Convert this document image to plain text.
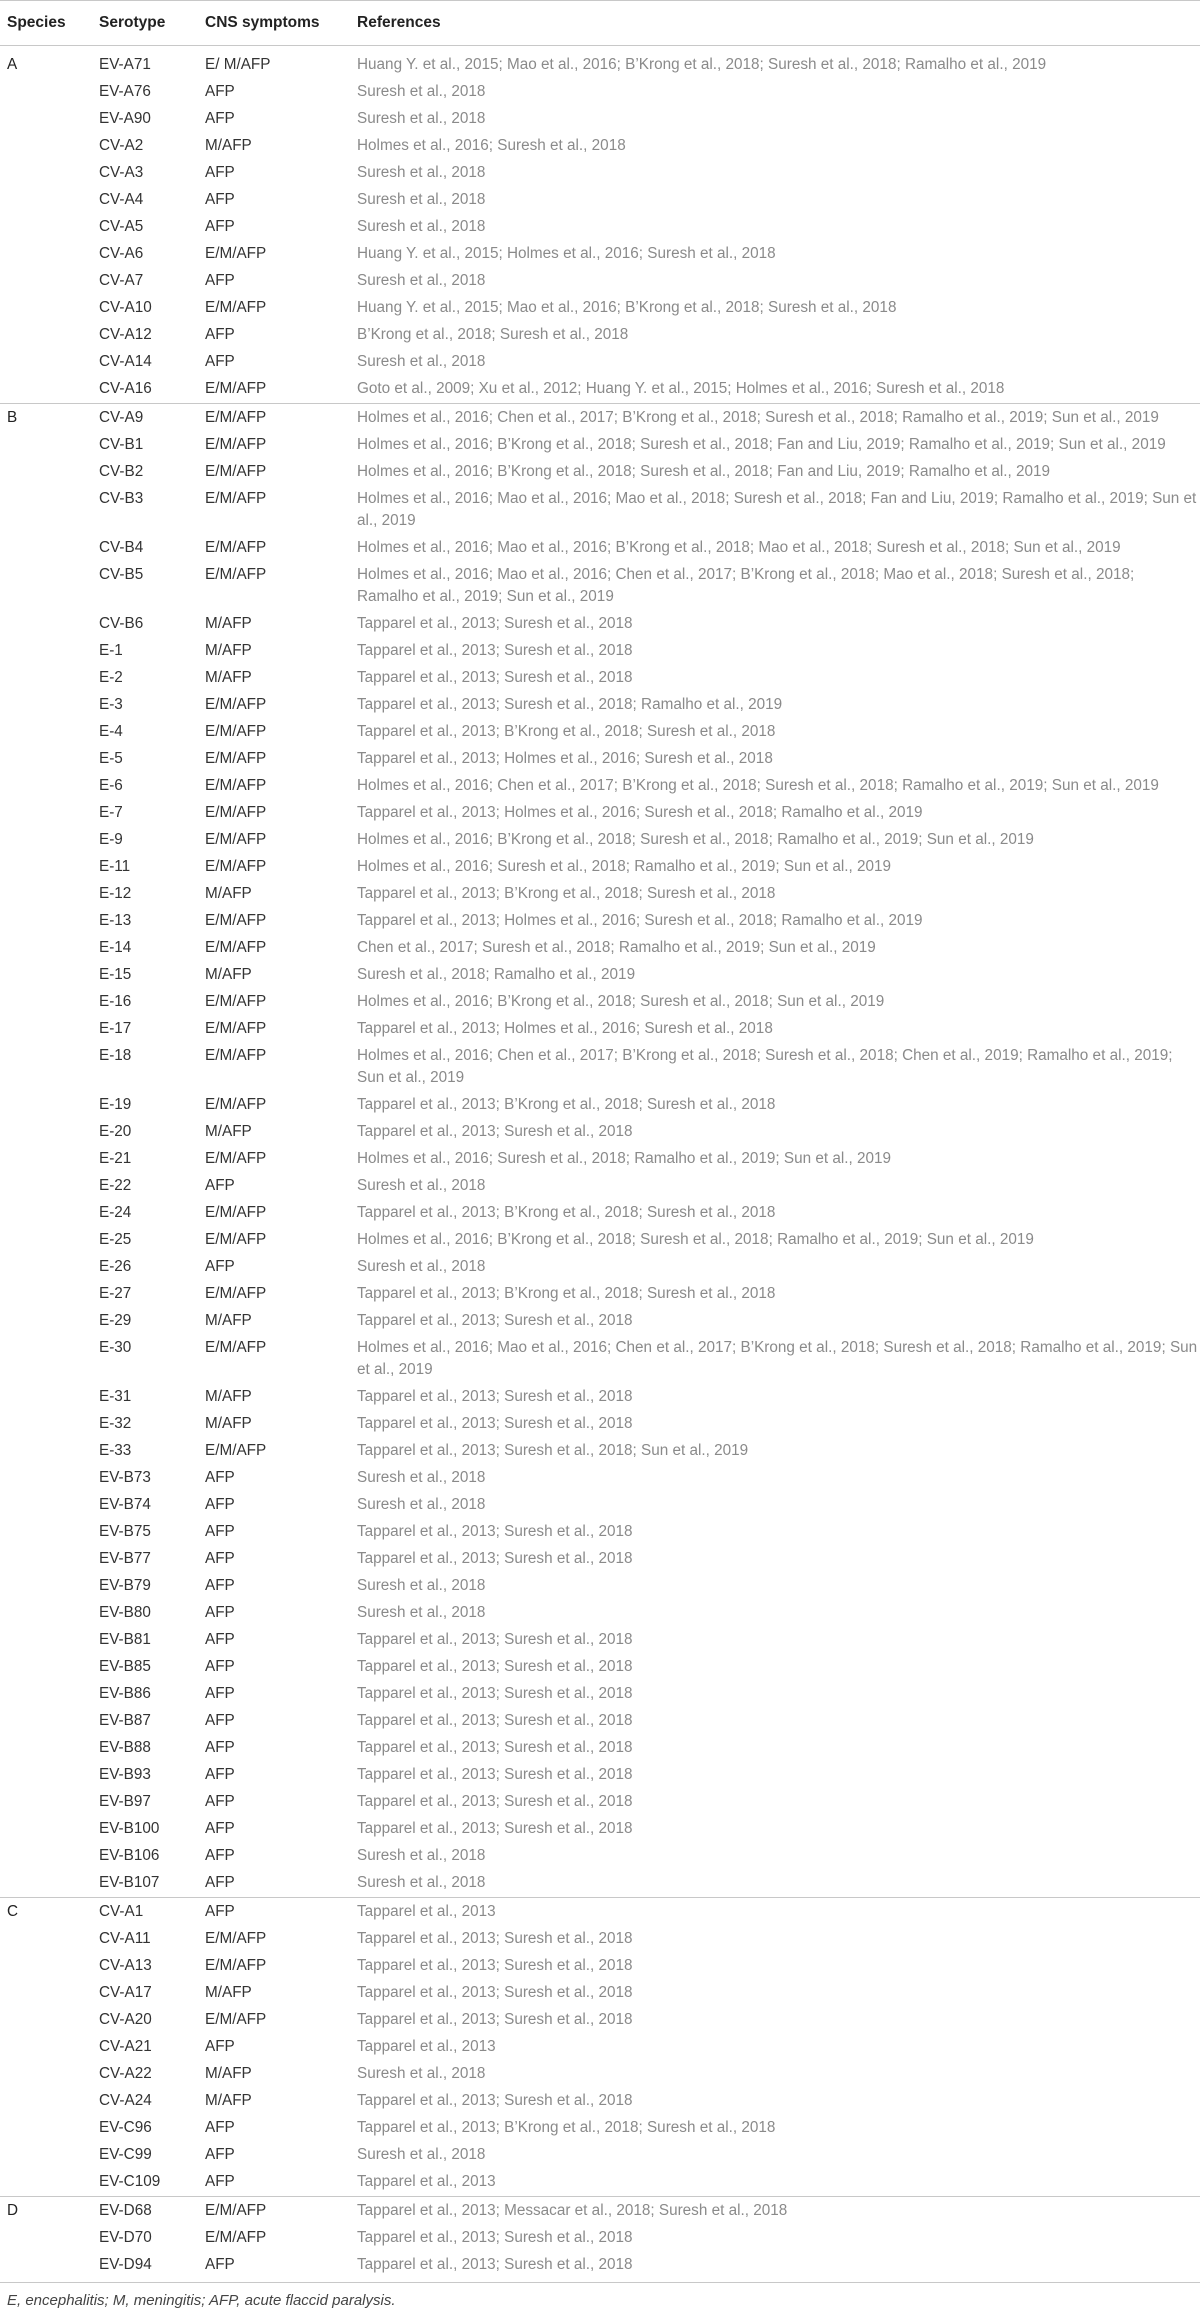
Species	Serotype	CNS symptoms	References
A	EV-A71	E/ M/AFP	Huang Y. et al., 2015; Mao et al., 2016; B’Krong et al., 2018; Suresh et al., 2018; Ramalho et al., 2019
	EV-A76	AFP	Suresh et al., 2018
	EV-A90	AFP	Suresh et al., 2018
	CV-A2	M/AFP	Holmes et al., 2016; Suresh et al., 2018
	CV-A3	AFP	Suresh et al., 2018
	CV-A4	AFP	Suresh et al., 2018
	CV-A5	AFP	Suresh et al., 2018
	CV-A6	E/M/AFP	Huang Y. et al., 2015; Holmes et al., 2016; Suresh et al., 2018
	CV-A7	AFP	Suresh et al., 2018
	CV-A10	E/M/AFP	Huang Y. et al., 2015; Mao et al., 2016; B’Krong et al., 2018; Suresh et al., 2018
	CV-A12	AFP	B’Krong et al., 2018; Suresh et al., 2018
	CV-A14	AFP	Suresh et al., 2018
	CV-A16	E/M/AFP	Goto et al., 2009; Xu et al., 2012; Huang Y. et al., 2015; Holmes et al., 2016; Suresh et al., 2018
B	CV-A9	E/M/AFP	Holmes et al., 2016; Chen et al., 2017; B’Krong et al., 2018; Suresh et al., 2018; Ramalho et al., 2019; Sun et al., 2019
	CV-B1	E/M/AFP	Holmes et al., 2016; B’Krong et al., 2018; Suresh et al., 2018; Fan and Liu, 2019; Ramalho et al., 2019; Sun et al., 2019
	CV-B2	E/M/AFP	Holmes et al., 2016; B’Krong et al., 2018; Suresh et al., 2018; Fan and Liu, 2019; Ramalho et al., 2019
	CV-B3	E/M/AFP	Holmes et al., 2016; Mao et al., 2016; Mao et al., 2018; Suresh et al., 2018; Fan and Liu, 2019; Ramalho et al., 2019; Sun et al., 2019
	CV-B4	E/M/AFP	Holmes et al., 2016; Mao et al., 2016; B’Krong et al., 2018; Mao et al., 2018; Suresh et al., 2018; Sun et al., 2019
	CV-B5	E/M/AFP	Holmes et al., 2016; Mao et al., 2016; Chen et al., 2017; B’Krong et al., 2018; Mao et al., 2018; Suresh et al., 2018; Ramalho et al., 2019; Sun et al., 2019
	CV-B6	M/AFP	Tapparel et al., 2013; Suresh et al., 2018
	E-1	M/AFP	Tapparel et al., 2013; Suresh et al., 2018
	E-2	M/AFP	Tapparel et al., 2013; Suresh et al., 2018
	E-3	E/M/AFP	Tapparel et al., 2013; Suresh et al., 2018; Ramalho et al., 2019
	E-4	E/M/AFP	Tapparel et al., 2013; B’Krong et al., 2018; Suresh et al., 2018
	E-5	E/M/AFP	Tapparel et al., 2013; Holmes et al., 2016; Suresh et al., 2018
	E-6	E/M/AFP	Holmes et al., 2016; Chen et al., 2017; B’Krong et al., 2018; Suresh et al., 2018; Ramalho et al., 2019; Sun et al., 2019
	E-7	E/M/AFP	Tapparel et al., 2013; Holmes et al., 2016; Suresh et al., 2018; Ramalho et al., 2019
	E-9	E/M/AFP	Holmes et al., 2016; B’Krong et al., 2018; Suresh et al., 2018; Ramalho et al., 2019; Sun et al., 2019
	E-11	E/M/AFP	Holmes et al., 2016; Suresh et al., 2018; Ramalho et al., 2019; Sun et al., 2019
	E-12	M/AFP	Tapparel et al., 2013; B’Krong et al., 2018; Suresh et al., 2018
	E-13	E/M/AFP	Tapparel et al., 2013; Holmes et al., 2016; Suresh et al., 2018; Ramalho et al., 2019
	E-14	E/M/AFP	Chen et al., 2017; Suresh et al., 2018; Ramalho et al., 2019; Sun et al., 2019
	E-15	M/AFP	Suresh et al., 2018; Ramalho et al., 2019
	E-16	E/M/AFP	Holmes et al., 2016; B’Krong et al., 2018; Suresh et al., 2018; Sun et al., 2019
	E-17	E/M/AFP	Tapparel et al., 2013; Holmes et al., 2016; Suresh et al., 2018
	E-18	E/M/AFP	Holmes et al., 2016; Chen et al., 2017; B’Krong et al., 2018; Suresh et al., 2018; Chen et al., 2019; Ramalho et al., 2019; Sun et al., 2019
	E-19	E/M/AFP	Tapparel et al., 2013; B’Krong et al., 2018; Suresh et al., 2018
	E-20	M/AFP	Tapparel et al., 2013; Suresh et al., 2018
	E-21	E/M/AFP	Holmes et al., 2016; Suresh et al., 2018; Ramalho et al., 2019; Sun et al., 2019
	E-22	AFP	Suresh et al., 2018
	E-24	E/M/AFP	Tapparel et al., 2013; B’Krong et al., 2018; Suresh et al., 2018
	E-25	E/M/AFP	Holmes et al., 2016; B’Krong et al., 2018; Suresh et al., 2018; Ramalho et al., 2019; Sun et al., 2019
	E-26	AFP	Suresh et al., 2018
	E-27	E/M/AFP	Tapparel et al., 2013; B’Krong et al., 2018; Suresh et al., 2018
	E-29	M/AFP	Tapparel et al., 2013; Suresh et al., 2018
	E-30	E/M/AFP	Holmes et al., 2016; Mao et al., 2016; Chen et al., 2017; B’Krong et al., 2018; Suresh et al., 2018; Ramalho et al., 2019; Sun et al., 2019
	E-31	M/AFP	Tapparel et al., 2013; Suresh et al., 2018
	E-32	M/AFP	Tapparel et al., 2013; Suresh et al., 2018
	E-33	E/M/AFP	Tapparel et al., 2013; Suresh et al., 2018; Sun et al., 2019
	EV-B73	AFP	Suresh et al., 2018
	EV-B74	AFP	Suresh et al., 2018
	EV-B75	AFP	Tapparel et al., 2013; Suresh et al., 2018
	EV-B77	AFP	Tapparel et al., 2013; Suresh et al., 2018
	EV-B79	AFP	Suresh et al., 2018
	EV-B80	AFP	Suresh et al., 2018
	EV-B81	AFP	Tapparel et al., 2013; Suresh et al., 2018
	EV-B85	AFP	Tapparel et al., 2013; Suresh et al., 2018
	EV-B86	AFP	Tapparel et al., 2013; Suresh et al., 2018
	EV-B87	AFP	Tapparel et al., 2013; Suresh et al., 2018
	EV-B88	AFP	Tapparel et al., 2013; Suresh et al., 2018
	EV-B93	AFP	Tapparel et al., 2013; Suresh et al., 2018
	EV-B97	AFP	Tapparel et al., 2013; Suresh et al., 2018
	EV-B100	AFP	Tapparel et al., 2013; Suresh et al., 2018
	EV-B106	AFP	Suresh et al., 2018
	EV-B107	AFP	Suresh et al., 2018
C	CV-A1	AFP	Tapparel et al., 2013
	CV-A11	E/M/AFP	Tapparel et al., 2013; Suresh et al., 2018
	CV-A13	E/M/AFP	Tapparel et al., 2013; Suresh et al., 2018
	CV-A17	M/AFP	Tapparel et al., 2013; Suresh et al., 2018
	CV-A20	E/M/AFP	Tapparel et al., 2013; Suresh et al., 2018
	CV-A21	AFP	Tapparel et al., 2013
	CV-A22	M/AFP	Suresh et al., 2018
	CV-A24	M/AFP	Tapparel et al., 2013; Suresh et al., 2018
	EV-C96	AFP	Tapparel et al., 2013; B’Krong et al., 2018; Suresh et al., 2018
	EV-C99	AFP	Suresh et al., 2018
	EV-C109	AFP	Tapparel et al., 2013
D	EV-D68	E/M/AFP	Tapparel et al., 2013; Messacar et al., 2018; Suresh et al., 2018
	EV-D70	E/M/AFP	Tapparel et al., 2013; Suresh et al., 2018
	EV-D94	AFP	Tapparel et al., 2013; Suresh et al., 2018
E, encephalitis; M, meningitis; AFP, acute flaccid paralysis.
